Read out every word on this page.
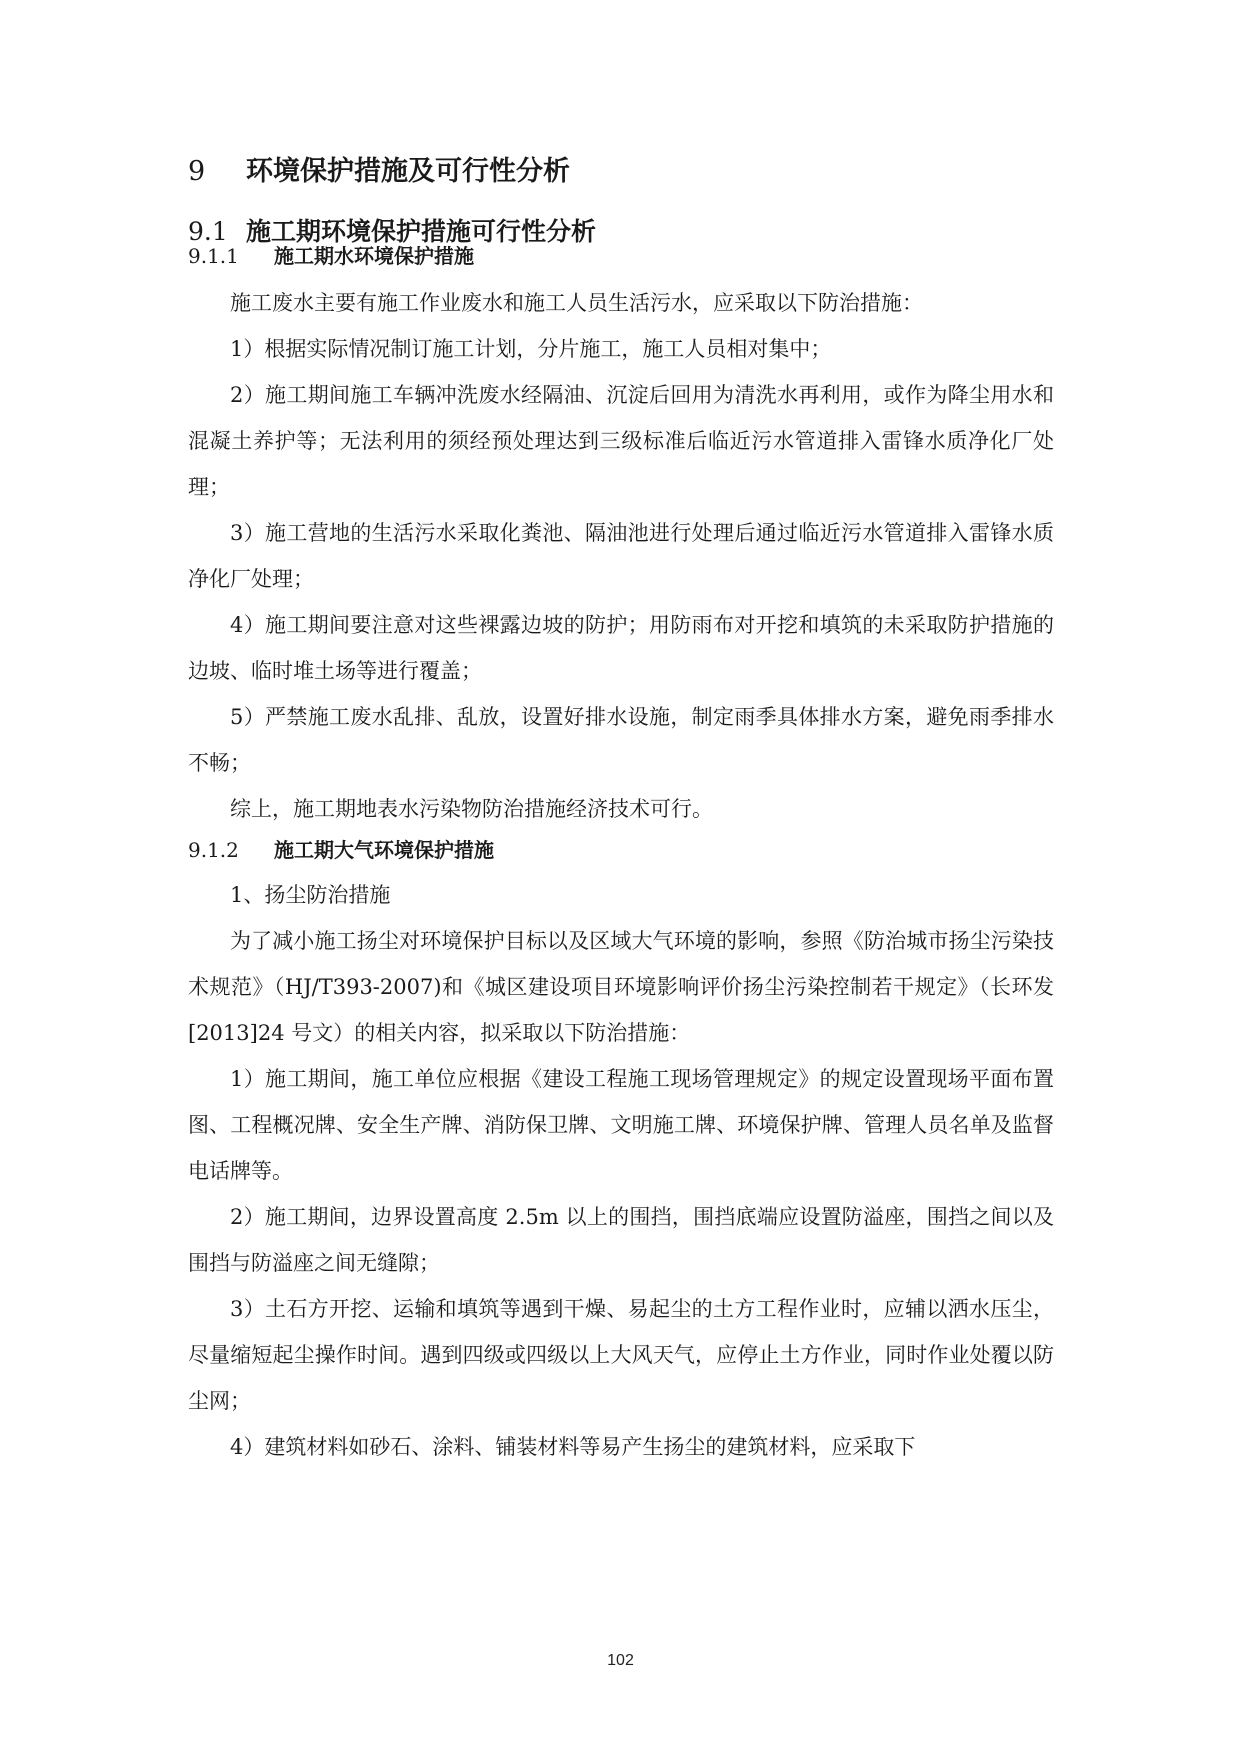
9 环境保护措施及可行性分析
9.1 施工期环境保护措施可行性分析
9.1.1 施工期水环境保护措施

施工废水主要有施工作业废水和施工人员生活污水，应采取以下防治措施：

1）根据实际情况制订施工计划，分片施工，施工人员相对集中；

2）施工期间施工车辆冲洗废水经隔油、沉淀后回用为清洗水再利用，或作为降尘用水和混凝土养护等；无法利用的须经预处理达到三级标准后临近污水管道排入雷锋水质净化厂处理；

3）施工营地的生活污水采取化粪池、隔油池进行处理后通过临近污水管道排入雷锋水质净化厂处理；

4）施工期间要注意对这些裸露边坡的防护；用防雨布对开挖和填筑的未采取防护措施的边坡、临时堆土场等进行覆盖；

5）严禁施工废水乱排、乱放，设置好排水设施，制定雨季具体排水方案，避免雨季排水不畅；

综上，施工期地表水污染物防治措施经济技术可行。

9.1.2 施工期大气环境保护措施

1、扬尘防治措施

为了减小施工扬尘对环境保护目标以及区域大气环境的影响，参照《防治城市扬尘污染技术规范》（HJ/T393-2007)和《城区建设项目环境影响评价扬尘污染控制若干规定》（长环发[2013]24 号文）的相关内容，拟采取以下防治措施：

1）施工期间，施工单位应根据《建设工程施工现场管理规定》的规定设置现场平面布置图、工程概况牌、安全生产牌、消防保卫牌、文明施工牌、环境保护牌、管理人员名单及监督电话牌等。

2）施工期间，边界设置高度 2.5m 以上的围挡，围挡底端应设置防溢座，围挡之间以及围挡与防溢座之间无缝隙；

3）土石方开挖、运输和填筑等遇到干燥、易起尘的土方工程作业时，应辅以洒水压尘，尽量缩短起尘操作时间。遇到四级或四级以上大风天气，应停止土方作业，同时作业处覆以防尘网；

4）建筑材料如砂石、涂料、铺装材料等易产生扬尘的建筑材料，应采取下

102
